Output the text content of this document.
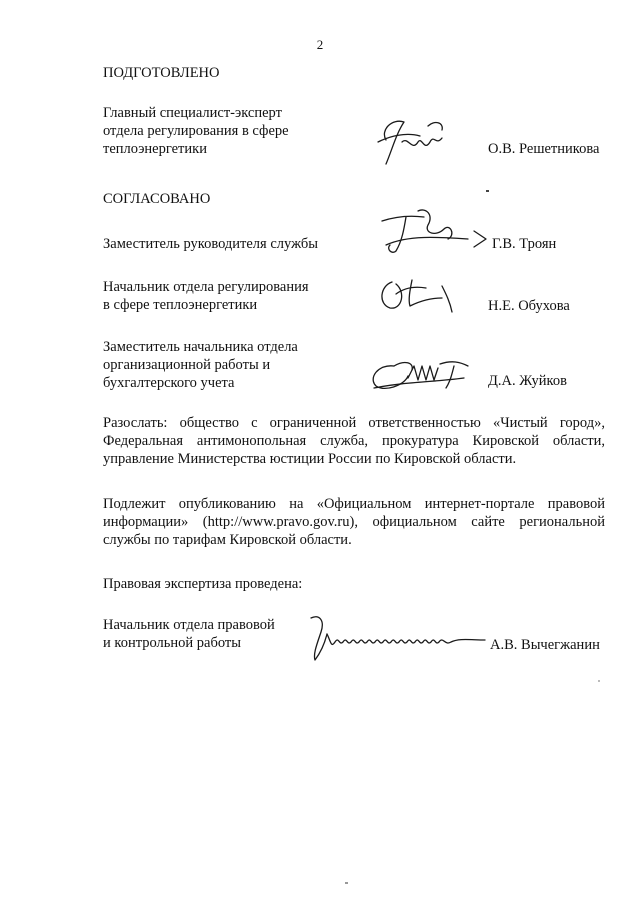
2
ПОДГОТОВЛЕНО
Главный специалист-эксперт
отдела регулирования в сфере
теплоэнергетики	О.В. Решетникова
СОГЛАСОВАНО
Заместитель руководителя службы	Г.В. Троян
Начальник отдела регулирования
в сфере теплоэнергетики	Н.Е. Обухова
Заместитель начальника отдела
организационной работы и
бухгалтерского учета	Д.А. Жуйков
Разослать: общество с ограниченной ответственностью «Чистый город», Федеральная антимонопольная служба, прокуратура Кировской области, управление Министерства юстиции России по Кировской области.
Подлежит опубликованию на «Официальном интернет-портале правовой информации» (http://www.pravo.gov.ru), официальном сайте региональной службы по тарифам Кировской области.
Правовая экспертиза проведена:
Начальник отдела правовой
и контрольной работы	А.В. Вычегжанин
